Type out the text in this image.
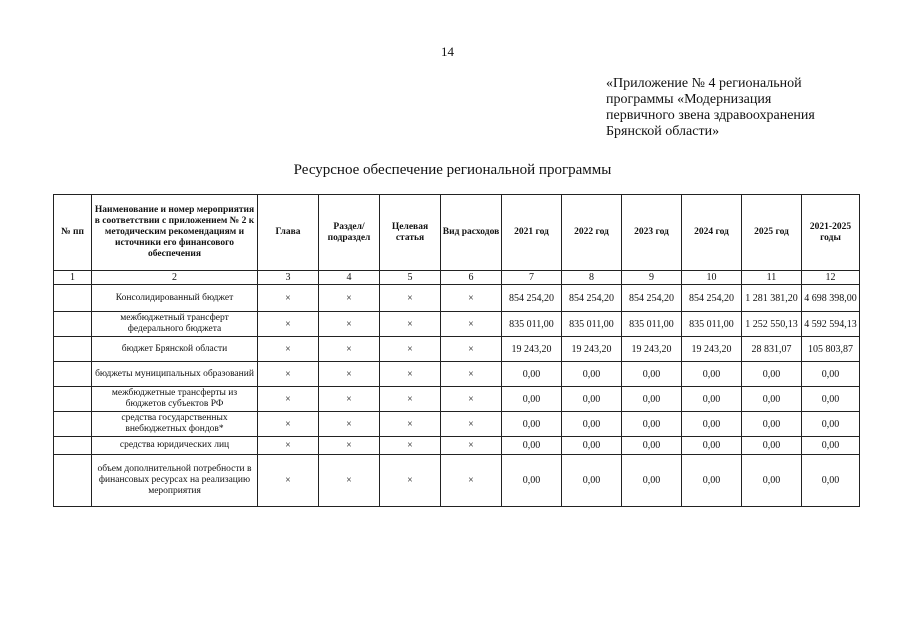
14
«Приложение № 4 региональной
программы «Модернизация
первичного звена здравоохранения
Брянской области»
Ресурсное обеспечение региональной программы
№ пп	Наименование и номер мероприятия в соответствии с приложением № 2 к методическим рекомендациям и источники его финансового обеспечения	Глава	Раздел/ подраздел	Целевая статья	Вид расходов	2021 год	2022 год	2023 год	2024 год	2025 год	2021-2025 годы
1	2	3	4	5	6	7	8	9	10	11	12
	Консолидированный бюджет	×	×	×	×	854 254,20	854 254,20	854 254,20	854 254,20	1 281 381,20	4 698 398,00
	межбюджетный трансферт федерального бюджета	×	×	×	×	835 011,00	835 011,00	835 011,00	835 011,00	1 252 550,13	4 592 594,13
	бюджет Брянской области	×	×	×	×	19 243,20	19 243,20	19 243,20	19 243,20	28 831,07	105 803,87
	бюджеты муниципальных образований	×	×	×	×	0,00	0,00	0,00	0,00	0,00	0,00
	межбюджетные трансферты из бюджетов субъектов РФ	×	×	×	×	0,00	0,00	0,00	0,00	0,00	0,00
	средства государственных внебюджетных фондов*	×	×	×	×	0,00	0,00	0,00	0,00	0,00	0,00
	средства юридических лиц	×	×	×	×	0,00	0,00	0,00	0,00	0,00	0,00
	объем дополнительной потребности в финансовых ресурсах на реализацию мероприятия	×	×	×	×	0,00	0,00	0,00	0,00	0,00	0,00
